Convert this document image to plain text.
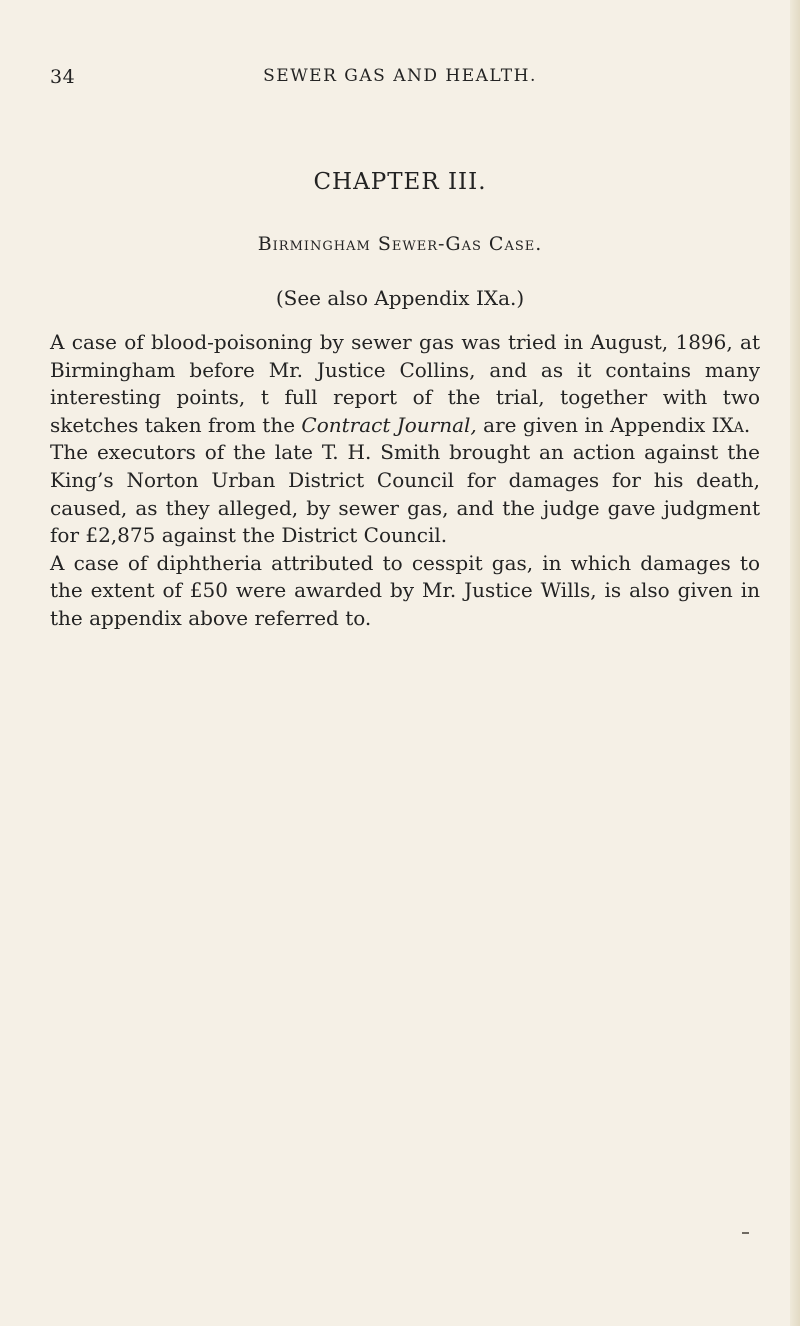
34	SEWER GAS AND HEALTH.
CHAPTER III.
Birmingham Sewer-Gas Case.
(See also Appendix IXa.)

A case of blood-poisoning by sewer gas was tried in August, 1896, at Birmingham before Mr. Justice Collins, and as it contains many interesting points, t full report of the trial, together with two sketches taken from the Contract Journal, are given in Appendix IXa.

The executors of the late T. H. Smith brought an action against the King’s Norton Urban District Council for damages for his death, caused, as they alleged, by sewer gas, and the judge gave judgment for £2,875 against the District Council.

A case of diphtheria attributed to cesspit gas, in which damages to the extent of £50 were awarded by Mr. Justice Wills, is also given in the appendix above referred to.
